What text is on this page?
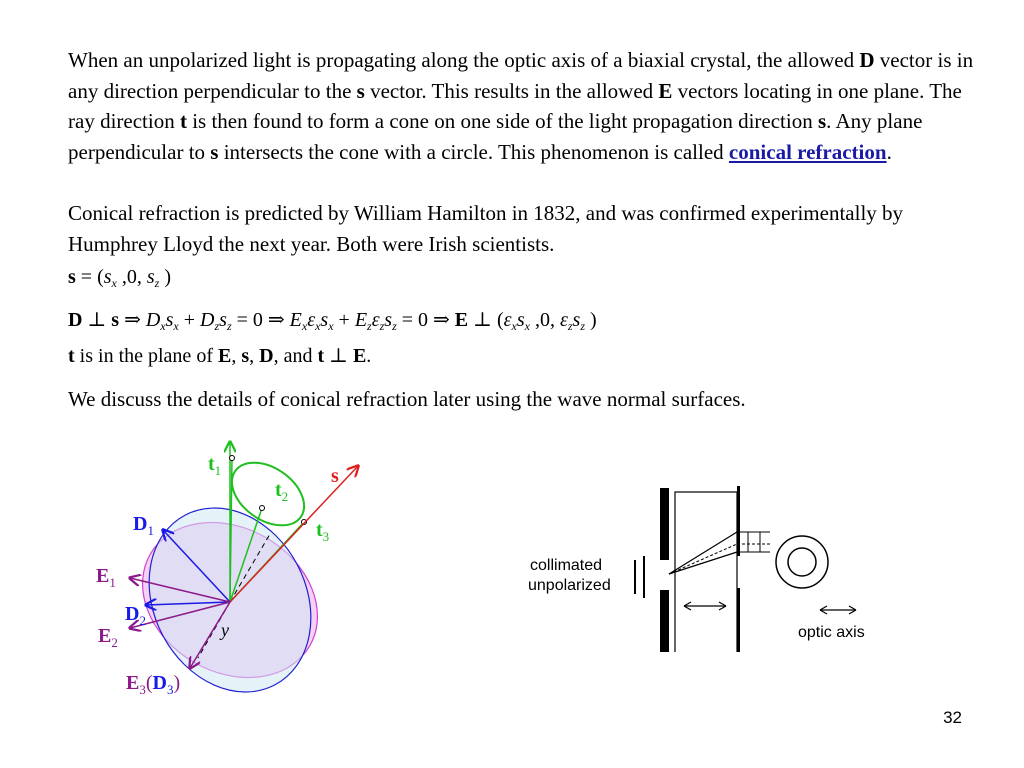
When an unpolarized light is propagating along the optic axis of a biaxial crystal, the allowed D vector is in any direction perpendicular to the s vector. This results in the allowed E vectors locating in one plane. The ray direction t is then found to form a cone on one side of the light propagation direction s. Any plane perpendicular to s intersects the cone with a circle. This phenomenon is called conical refraction.
Conical refraction is predicted by William Hamilton in 1832, and was confirmed experimentally by Humphrey Lloyd the next year. Both were Irish scientists.
$s = (s_x$ ,0, $s_z$ )
D ⊥ s ⇒ $D_xs_x + D_zs_z = 0$ ⇒ $E_x\varepsilon_xs_x + E_z\varepsilon_zs_z = 0$ ⇒ E ⊥ ($\varepsilon_xs_x$ ,0, $\varepsilon_zs_z$ )
t is in the plane of E, s, D, and t ⊥ E.
We discuss the details of conical refraction later using the wave normal surfaces.
$t_1$
$t_2$
$t_3$
s
$D_1$
$E_1$
$D_2$
$E_2$
$E_3(D_3)$
y
collimated
unpolarized
optic axis
32
